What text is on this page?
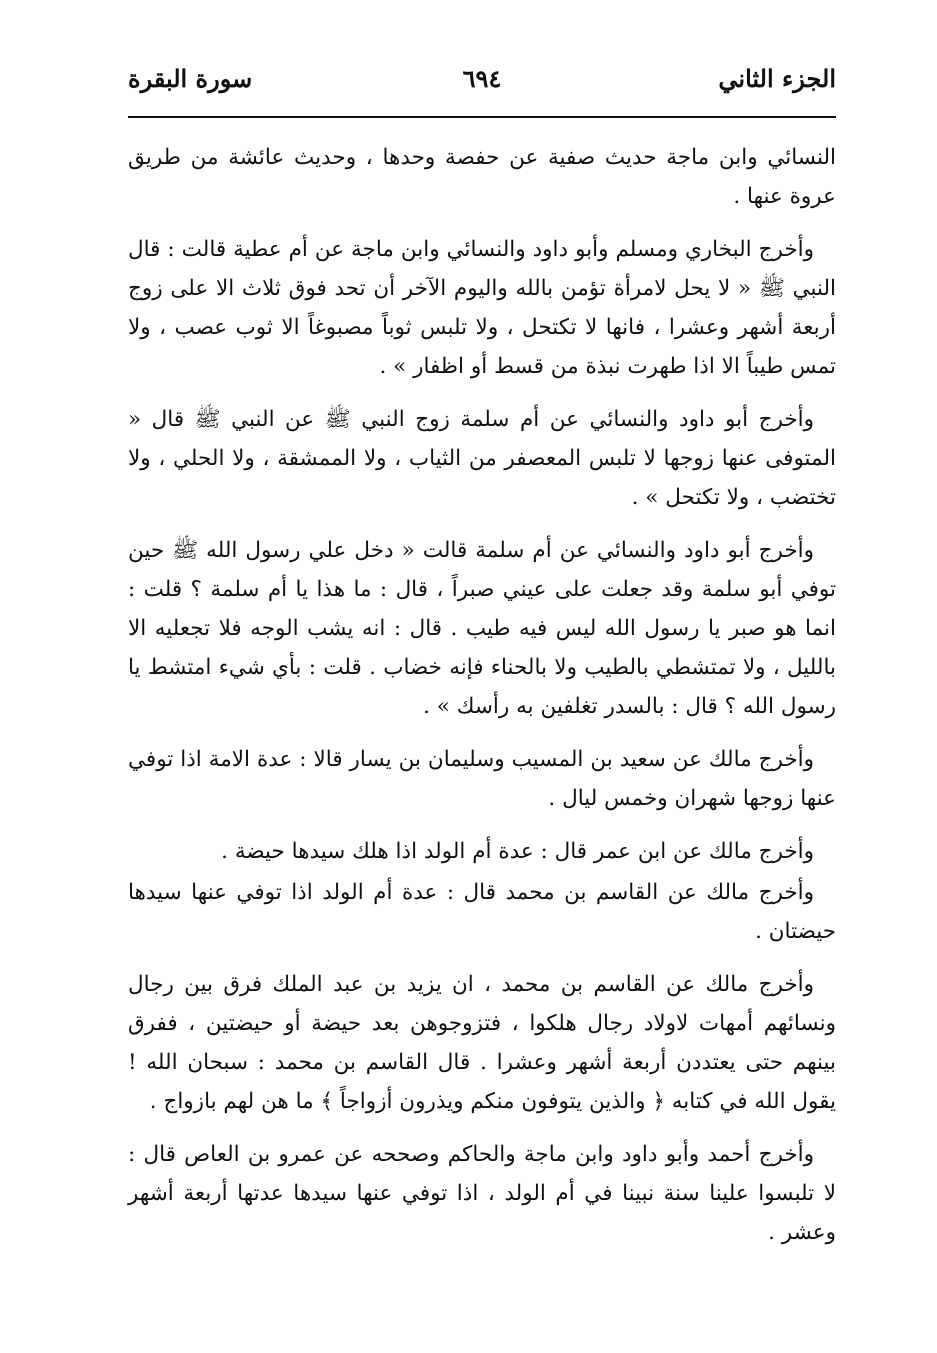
الجزء الثاني
٦٩٤
سورة البقرة

النسائي وابن ماجة حديث صفية عن حفصة وحدها ، وحديث عائشة من طريق عروة عنها .

وأخرج البخاري ومسلم وأبو داود والنسائي وابن ماجة عن أم عطية قالت : قال النبي ﷺ « لا يحل لامرأة تؤمن بالله واليوم الآخر أن تحد فوق ثلاث الا على زوج أربعة أشهر وعشرا ، فانها لا تكتحل ، ولا تلبس ثوباً مصبوغاً الا ثوب عصب ، ولا تمس طيباً الا اذا طهرت نبذة من قسط أو اظفار » .

وأخرج أبو داود والنسائي عن أم سلمة زوج النبي ﷺ عن النبي ﷺ قال « المتوفى عنها زوجها لا تلبس المعصفر من الثياب ، ولا الممشقة ، ولا الحلي ، ولا تختضب ، ولا تكتحل » .

وأخرج أبو داود والنسائي عن أم سلمة قالت « دخل علي رسول الله ﷺ حين توفي أبو سلمة وقد جعلت على عيني صبراً ، قال : ما هذا يا أم سلمة ؟ قلت : انما هو صبر يا رسول الله ليس فيه طيب . قال : انه يشب الوجه فلا تجعليه الا بالليل ، ولا تمتشطي بالطيب ولا بالحناء فإنه خضاب . قلت : بأي شيء امتشط يا رسول الله ؟ قال : بالسدر تغلفين به رأسك » .

وأخرج مالك عن سعيد بن المسيب وسليمان بن يسار قالا : عدة الامة اذا توفي عنها زوجها شهران وخمس ليال .

وأخرج مالك عن ابن عمر قال : عدة أم الولد اذا هلك سيدها حيضة .

وأخرج مالك عن القاسم بن محمد قال : عدة أم الولد اذا توفي عنها سيدها حيضتان .

وأخرج مالك عن القاسم بن محمد ، ان يزيد بن عبد الملك فرق بين رجال ونسائهم أمهات لاولاد رجال هلكوا ، فتزوجوهن بعد حيضة أو حيضتين ، ففرق بينهم حتى يعتددن أربعة أشهر وعشرا . قال القاسم بن محمد : سبحان الله ! يقول الله في كتابه ﴿ والذين يتوفون منكم ويذرون أزواجاً ﴾ ما هن لهم بازواج .

وأخرج أحمد وأبو داود وابن ماجة والحاكم وصححه عن عمرو بن العاص قال : لا تلبسوا علينا سنة نبينا في أم الولد ، اذا توفي عنها سيدها عدتها أربعة أشهر وعشر .
